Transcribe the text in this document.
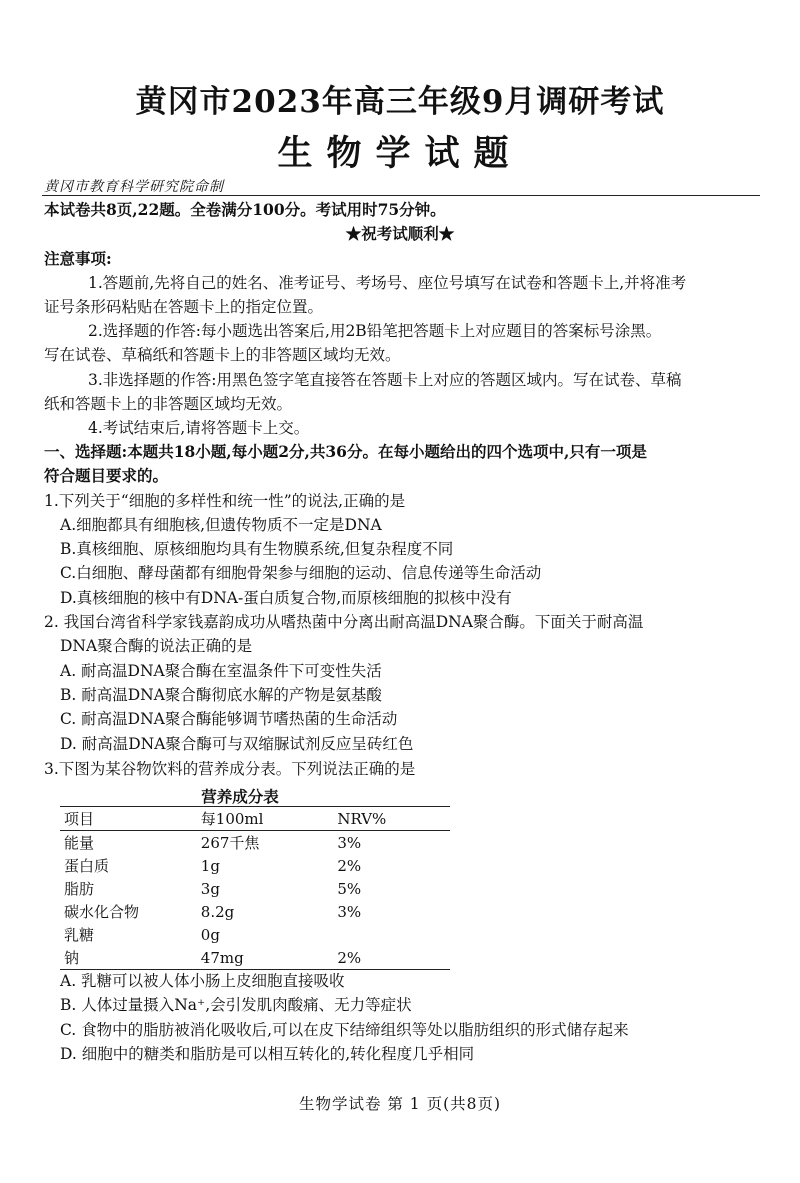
黄冈市2023年高三年级9月调研考试
生物学试题
黄冈市教育科学研究院命制
本试卷共8页,22题。全卷满分100分。考试用时75分钟。
★祝考试顺利★
注意事项:
1.答题前,先将自己的姓名、准考证号、考场号、座位号填写在试卷和答题卡上,并将准考
证号条形码粘贴在答题卡上的指定位置。
2.选择题的作答:每小题选出答案后,用2B铅笔把答题卡上对应题目的答案标号涂黑。
写在试卷、草稿纸和答题卡上的非答题区域均无效。
3.非选择题的作答:用黑色签字笔直接答在答题卡上对应的答题区域内。写在试卷、草稿
纸和答题卡上的非答题区域均无效。
4.考试结束后,请将答题卡上交。
一、选择题:本题共18小题,每小题2分,共36分。在每小题给出的四个选项中,只有一项是
符合题目要求的。
1.下列关于“细胞的多样性和统一性”的说法,正确的是
A.细胞都具有细胞核,但遗传物质不一定是DNA
B.真核细胞、原核细胞均具有生物膜系统,但复杂程度不同
C.白细胞、酵母菌都有细胞骨架参与细胞的运动、信息传递等生命活动
D.真核细胞的核中有DNA-蛋白质复合物,而原核细胞的拟核中没有
2. 我国台湾省科学家钱嘉韵成功从嗜热菌中分离出耐高温DNA聚合酶。下面关于耐高温
DNA聚合酶的说法正确的是
A. 耐高温DNA聚合酶在室温条件下可变性失活
B. 耐高温DNA聚合酶彻底水解的产物是氨基酸
C. 耐高温DNA聚合酶能够调节嗜热菌的生命活动
D. 耐高温DNA聚合酶可与双缩脲试剂反应呈砖红色
3.下图为某谷物饮料的营养成分表。下列说法正确的是
营养成分表
项目	每100ml	NRV%
能量	267千焦	3%
蛋白质	1g	2%
脂肪	3g	5%
碳水化合物	8.2g	3%
乳糖	0g	
钠	47mg	2%
A. 乳糖可以被人体小肠上皮细胞直接吸收
B. 人体过量摄入Na⁺,会引发肌肉酸痛、无力等症状
C. 食物中的脂肪被消化吸收后,可以在皮下结缔组织等处以脂肪组织的形式储存起来
D. 细胞中的糖类和脂肪是可以相互转化的,转化程度几乎相同
生物学试卷 第 1 页(共8页)
